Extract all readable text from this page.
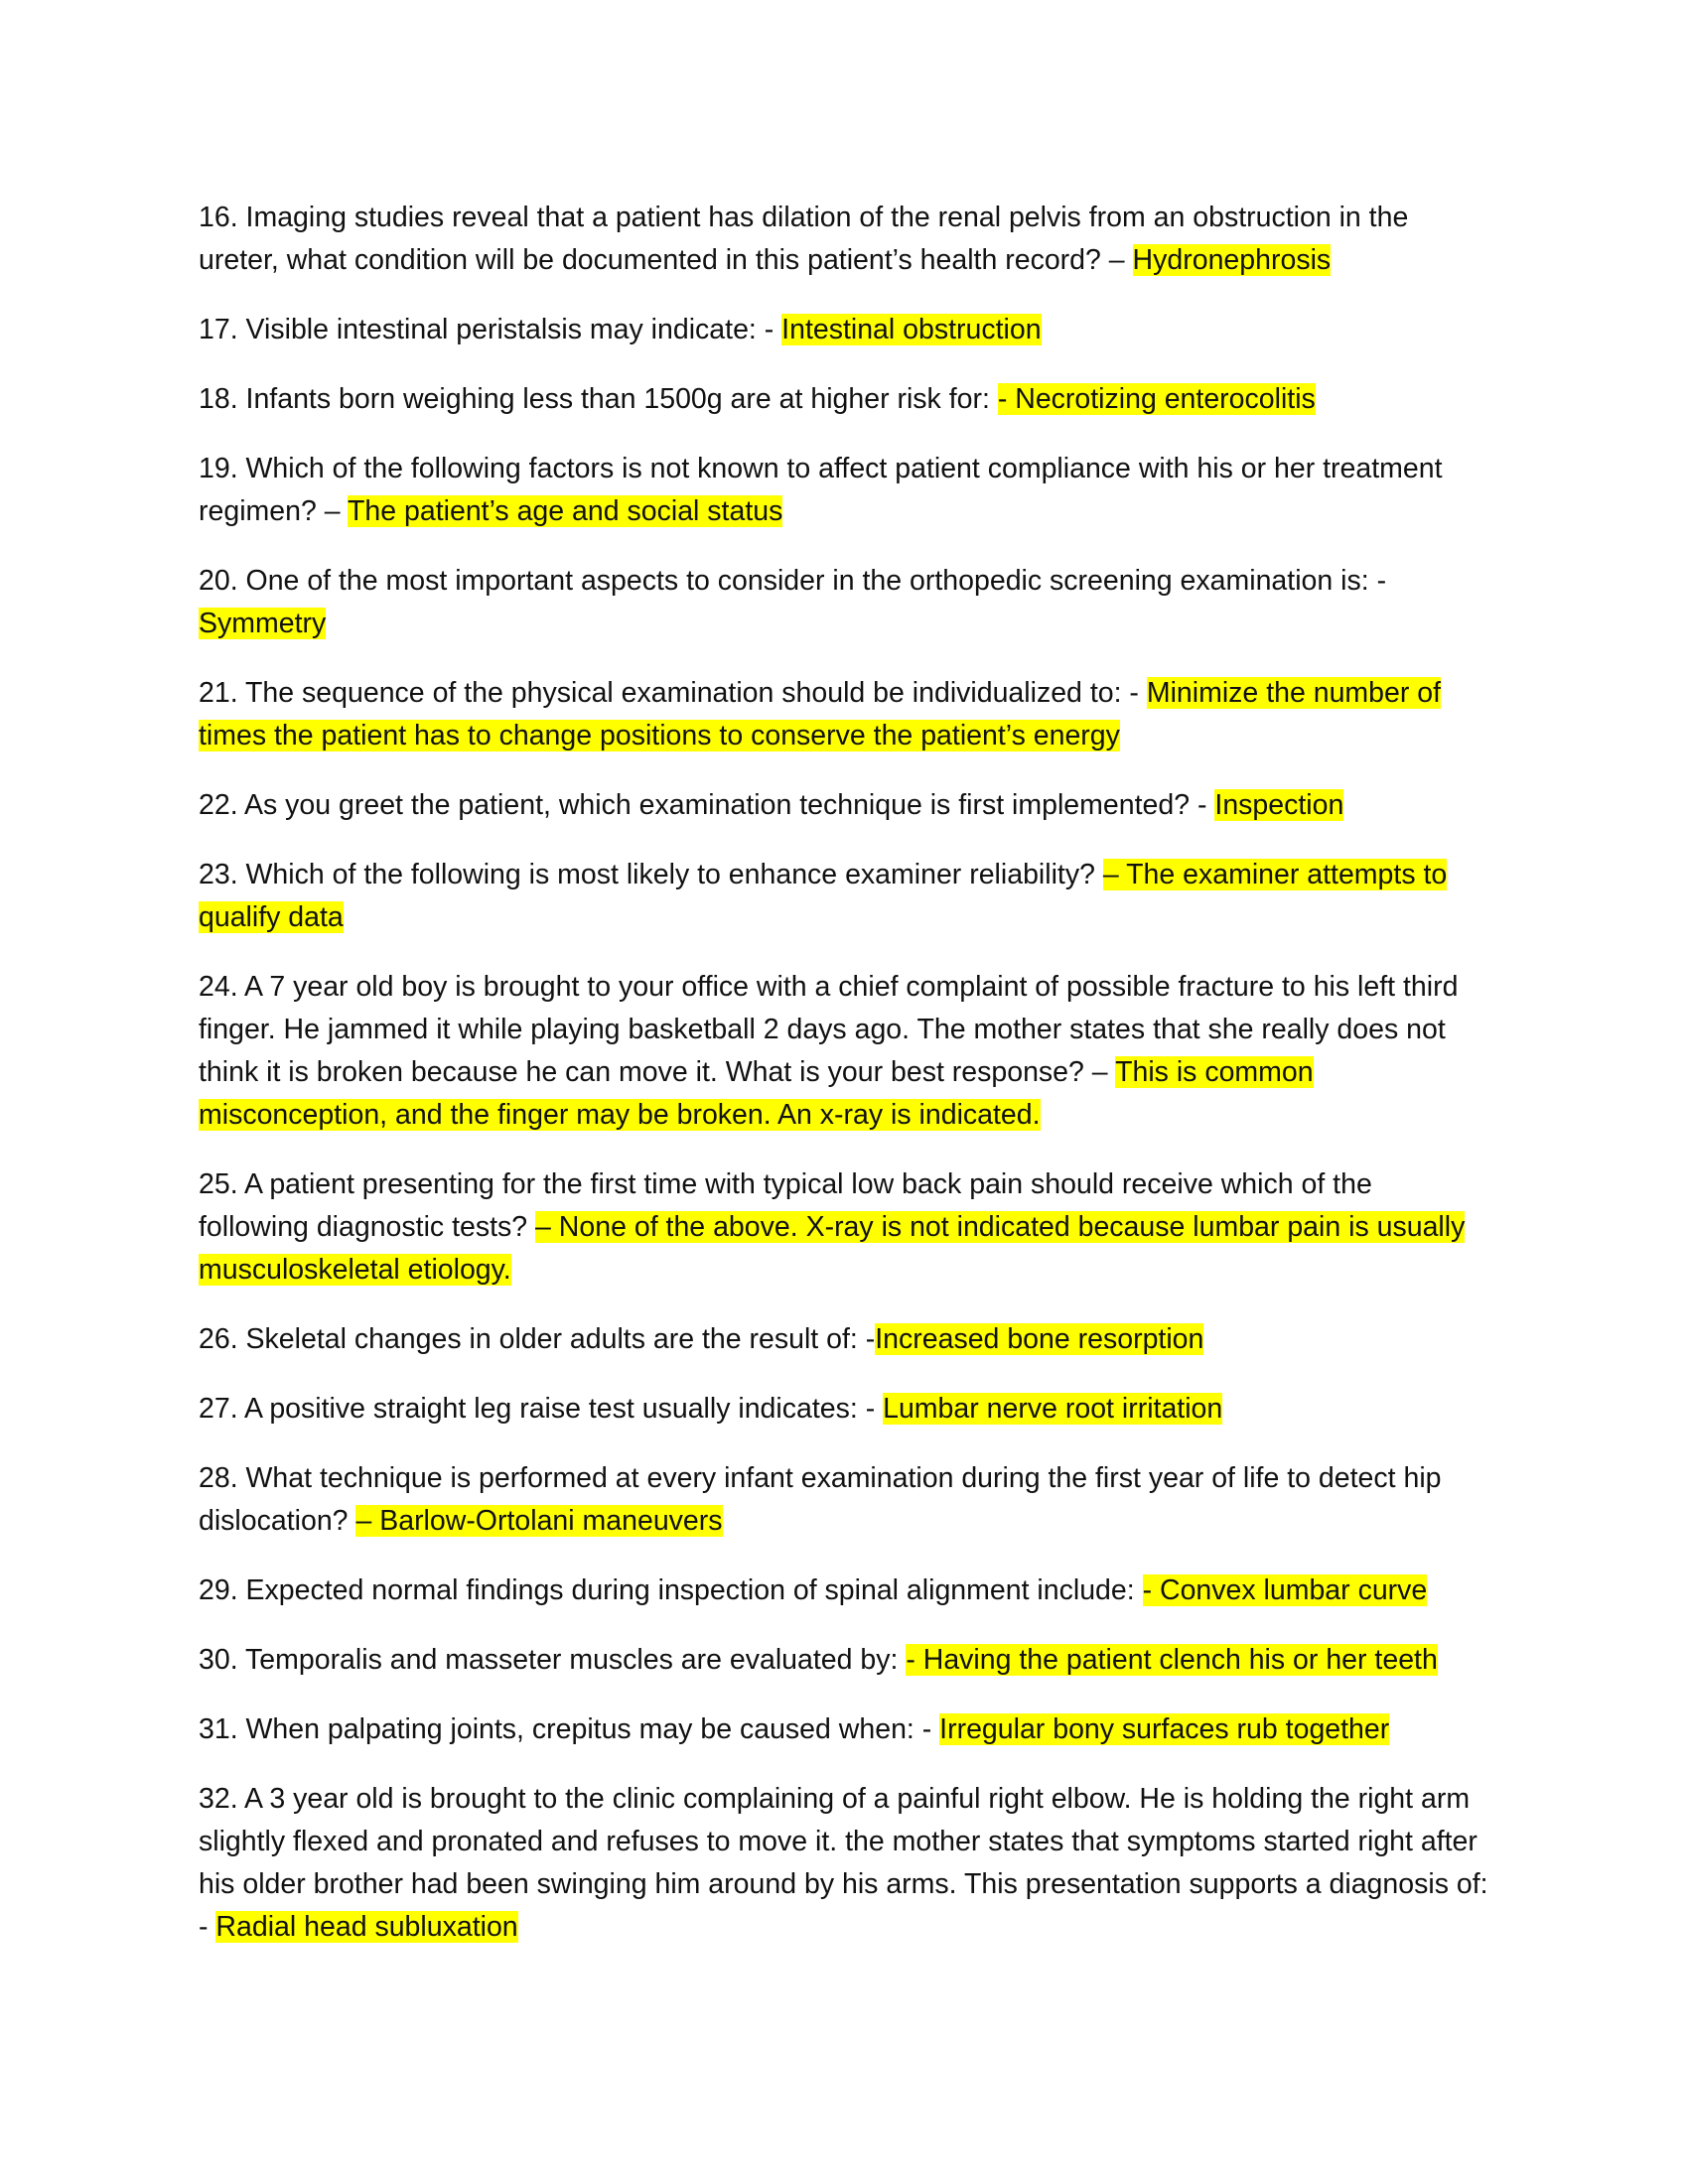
16. Imaging studies reveal that a patient has dilation of the renal pelvis from an obstruction in the ureter, what condition will be documented in this patient’s health record? – Hydronephrosis

17. Visible intestinal peristalsis may indicate: - Intestinal obstruction

18. Infants born weighing less than 1500g are at higher risk for: - Necrotizing enterocolitis

19. Which of the following factors is not known to affect patient compliance with his or her treatment regimen? – The patient’s age and social status

20. One of the most important aspects to consider in the orthopedic screening examination is: - Symmetry

21. The sequence of the physical examination should be individualized to: - Minimize the number of times the patient has to change positions to conserve the patient’s energy

22. As you greet the patient, which examination technique is first implemented? - Inspection

23. Which of the following is most likely to enhance examiner reliability? – The examiner attempts to qualify data

24. A 7 year old boy is brought to your office with a chief complaint of possible fracture to his left third finger. He jammed it while playing basketball 2 days ago. The mother states that she really does not think it is broken because he can move it. What is your best response? – This is common misconception, and the finger may be broken. An x-ray is indicated.

25. A patient presenting for the first time with typical low back pain should receive which of the following diagnostic tests? – None of the above. X-ray is not indicated because lumbar pain is usually musculoskeletal etiology.

26. Skeletal changes in older adults are the result of: -Increased bone resorption

27. A positive straight leg raise test usually indicates: - Lumbar nerve root irritation

28. What technique is performed at every infant examination during the first year of life to detect hip dislocation? – Barlow-Ortolani maneuvers

29. Expected normal findings during inspection of spinal alignment include: - Convex lumbar curve

30. Temporalis and masseter muscles are evaluated by: - Having the patient clench his or her teeth

31. When palpating joints, crepitus may be caused when: - Irregular bony surfaces rub together

32. A 3 year old is brought to the clinic complaining of a painful right elbow. He is holding the right arm slightly flexed and pronated and refuses to move it. the mother states that symptoms started right after his older brother had been swinging him around by his arms. This presentation supports a diagnosis of: - Radial head subluxation
